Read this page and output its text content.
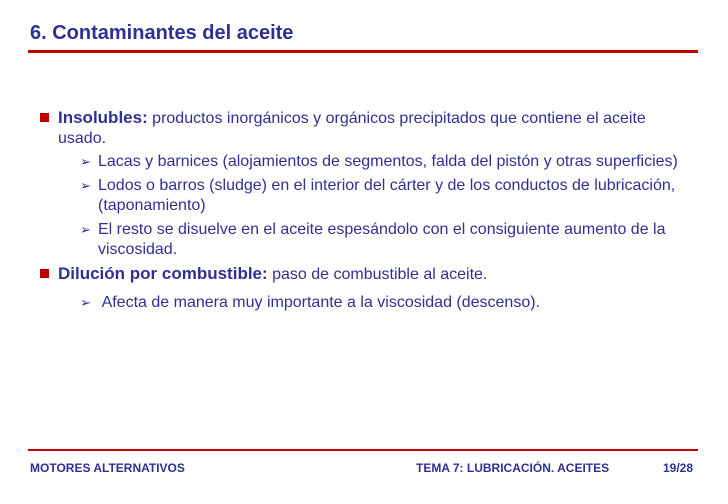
6. Contaminantes del aceite
Insolubles: productos inorgánicos y orgánicos precipitados que contiene el aceite usado.
➢ Lacas y barnices (alojamientos de segmentos, falda del pistón y otras superficies)
➢ Lodos o barros (sludge) en el interior del cárter y de los conductos de lubricación, (taponamiento)
➢ El resto se disuelve en el aceite espesándolo con el consiguiente aumento de la viscosidad.
Dilución por combustible: paso de combustible al aceite.
➢ Afecta de manera muy importante a la viscosidad (descenso).
MOTORES ALTERNATIVOS	TEMA 7: LUBRICACIÓN. ACEITES	19/28
